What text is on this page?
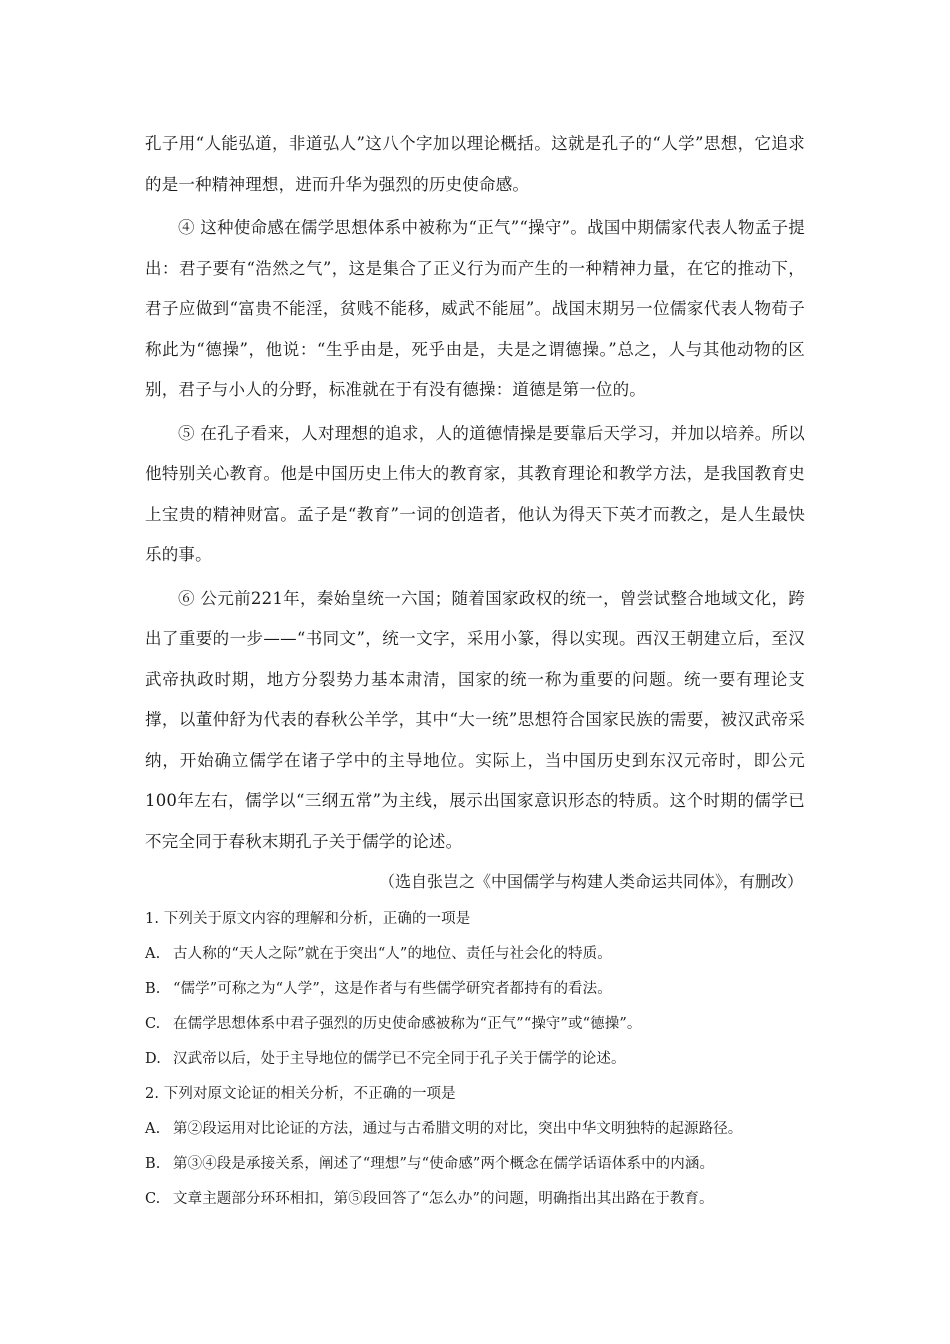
孔子用“人能弘道，非道弘人”这八个字加以理论概括。这就是孔子的“人学”思想，它追求的是一种精神理想，进而升华为强烈的历史使命感。

④ 这种使命感在儒学思想体系中被称为“正气”“操守”。战国中期儒家代表人物孟子提出：君子要有“浩然之气”，这是集合了正义行为而产生的一种精神力量，在它的推动下，君子应做到“富贵不能淫，贫贱不能移，威武不能屈”。战国末期另一位儒家代表人物荀子称此为“德操”，他说：“生乎由是，死乎由是，夫是之谓德操。”总之，人与其他动物的区别，君子与小人的分野，标准就在于有没有德操：道德是第一位的。

⑤ 在孔子看来，人对理想的追求，人的道德情操是要靠后天学习，并加以培养。所以他特别关心教育。他是中国历史上伟大的教育家，其教育理论和教学方法，是我国教育史上宝贵的精神财富。孟子是“教育”一词的创造者，他认为得天下英才而教之，是人生最快乐的事。

⑥ 公元前221年，秦始皇统一六国；随着国家政权的统一，曾尝试整合地域文化，跨出了重要的一步——“书同文”，统一文字，采用小篆，得以实现。西汉王朝建立后，至汉武帝执政时期，地方分裂势力基本肃清，国家的统一称为重要的问题。统一要有理论支撑，以董仲舒为代表的春秋公羊学，其中“大一统”思想符合国家民族的需要，被汉武帝采纳，开始确立儒学在诸子学中的主导地位。实际上，当中国历史到东汉元帝时，即公元100年左右，儒学以“三纲五常”为主线，展示出国家意识形态的特质。这个时期的儒学已不完全同于春秋末期孔子关于儒学的论述。

（选自张岂之《中国儒学与构建人类命运共同体》，有删改）

1. 下列关于原文内容的理解和分析，正确的一项是

A. 古人称的“天人之际”就在于突出“人”的地位、责任与社会化的特质。

B. “儒学”可称之为“人学”，这是作者与有些儒学研究者都持有的看法。

C. 在儒学思想体系中君子强烈的历史使命感被称为“正气”“操守”或“德操”。

D. 汉武帝以后，处于主导地位的儒学已不完全同于孔子关于儒学的论述。

2. 下列对原文论证的相关分析，不正确的一项是

A. 第②段运用对比论证的方法，通过与古希腊文明的对比，突出中华文明独特的起源路径。

B. 第③④段是承接关系，阐述了“理想”与“使命感”两个概念在儒学话语体系中的内涵。

C. 文章主题部分环环相扣，第⑤段回答了“怎么办”的问题，明确指出其出路在于教育。
